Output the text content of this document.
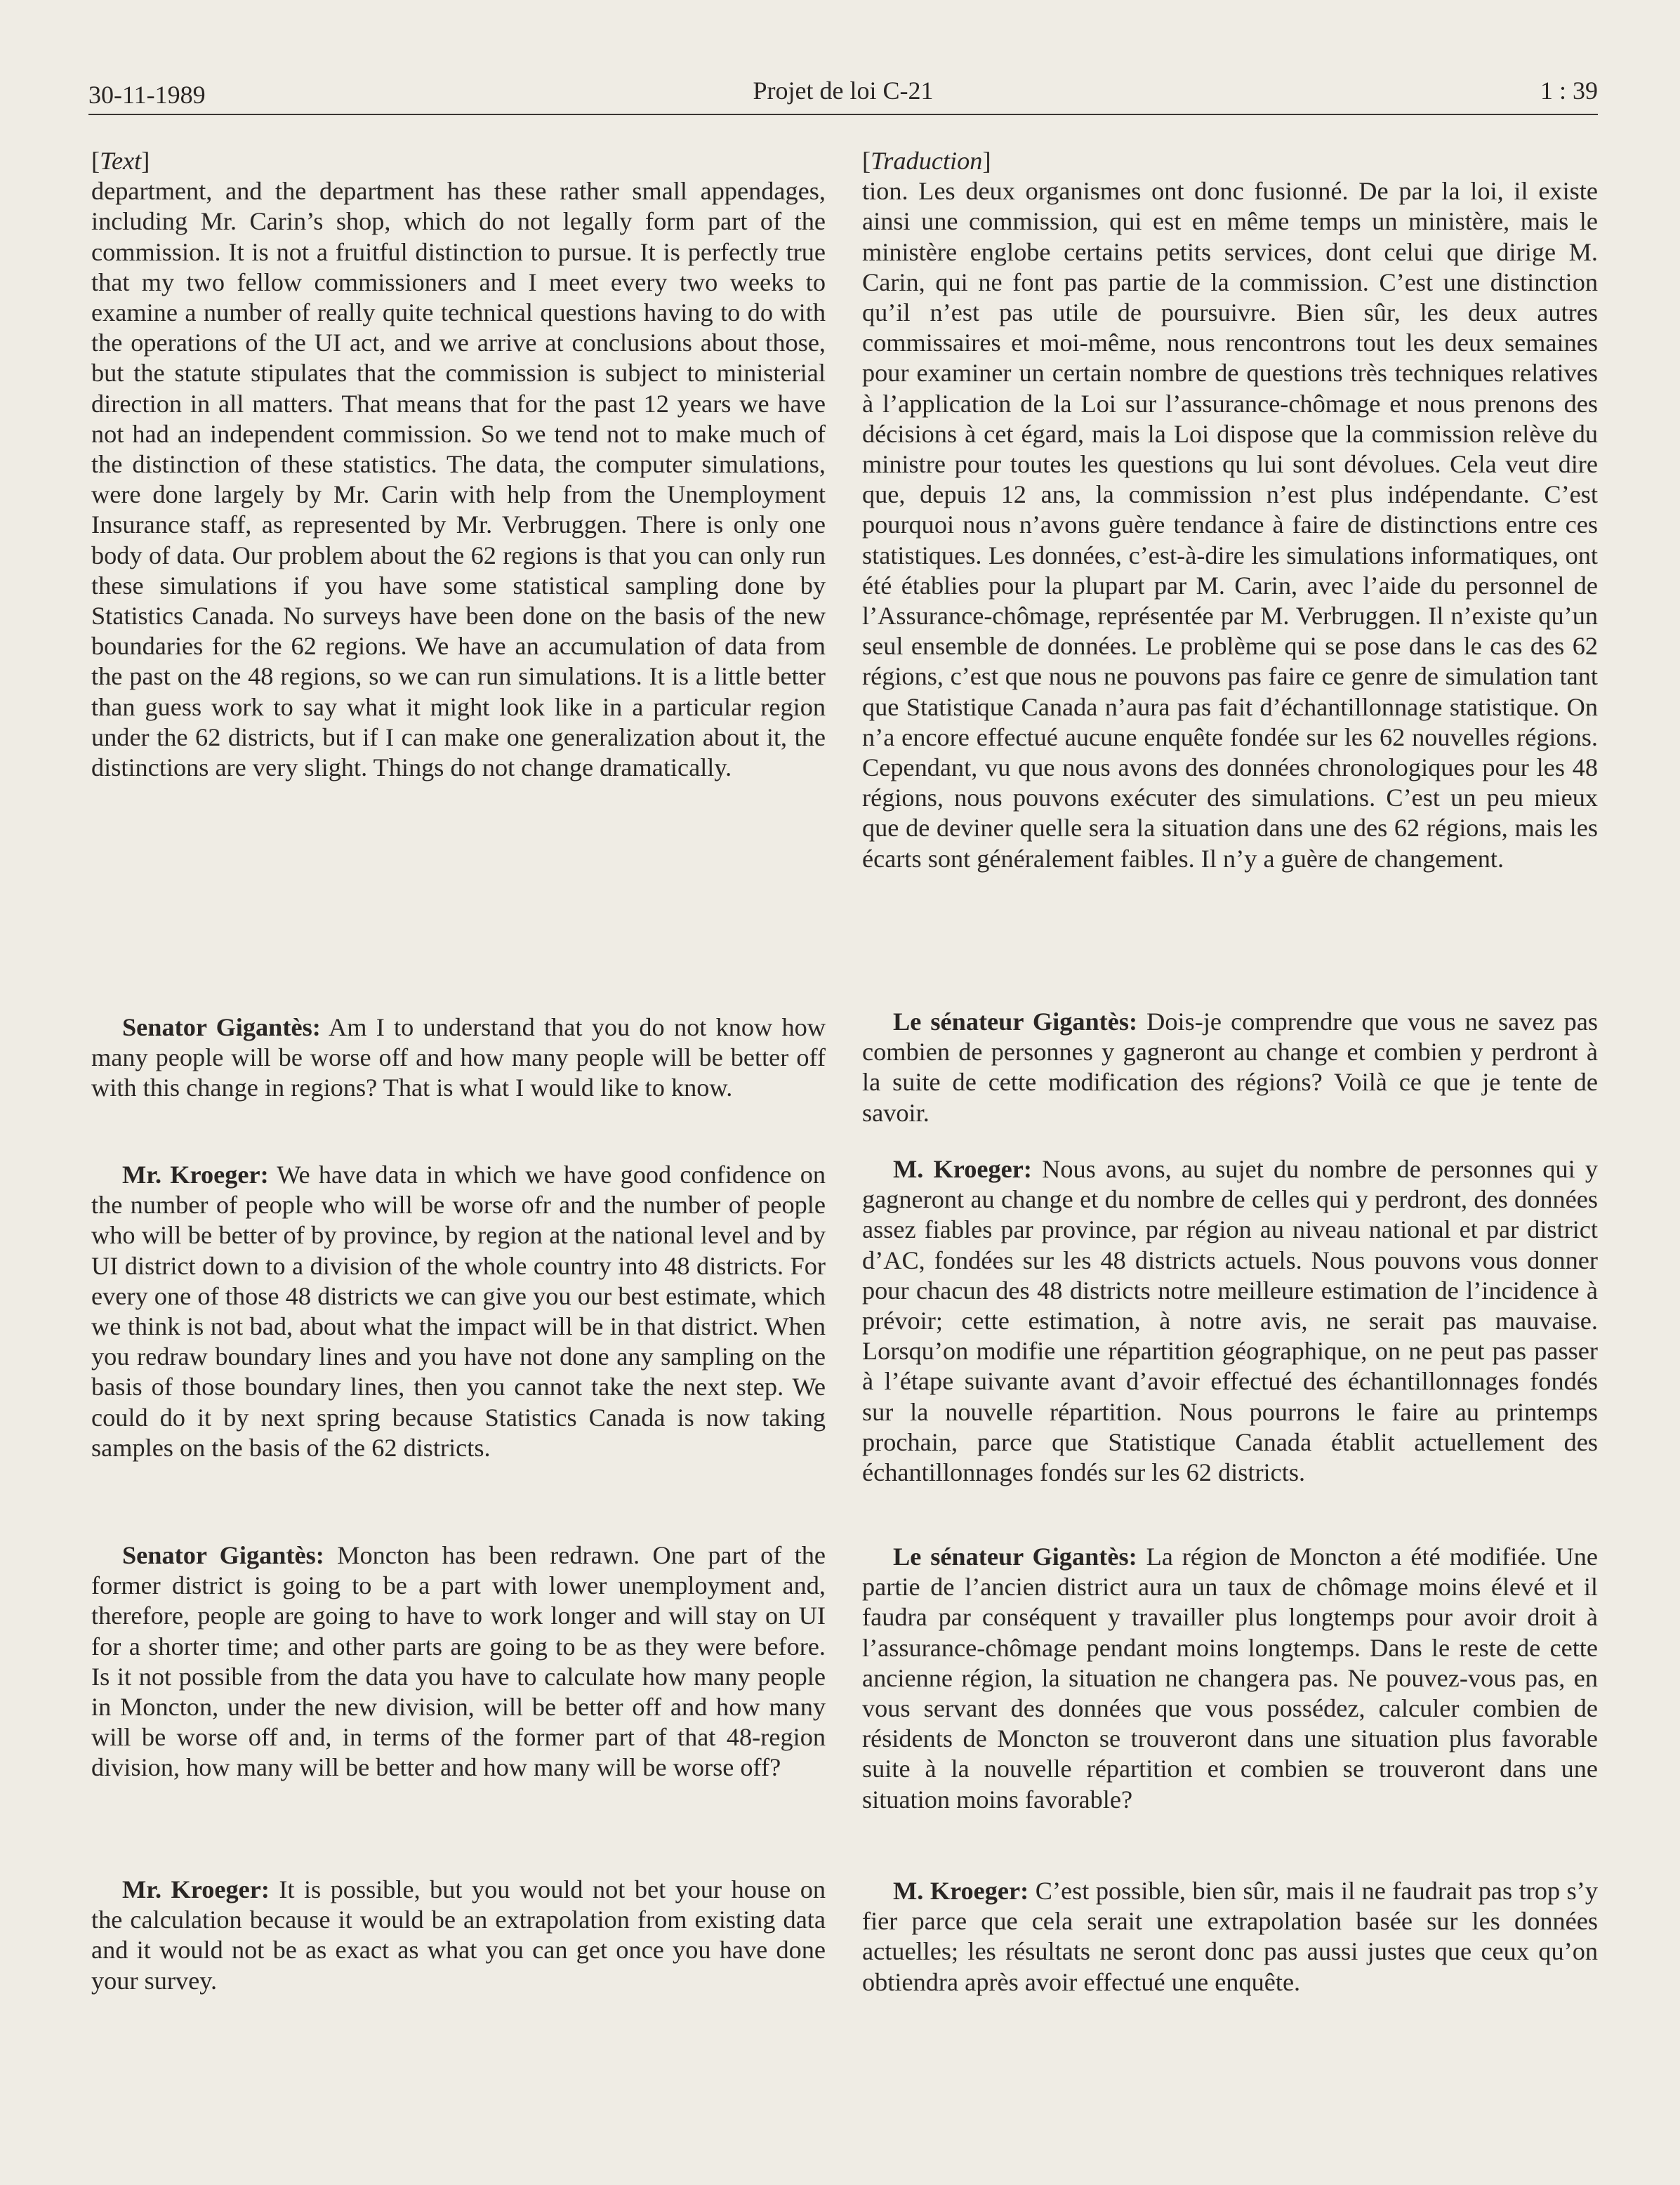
30-11-1989	Projet de loi C-21	1 : 39
[Text]

department, and the department has these rather small appendages, including Mr. Carin’s shop, which do not legally form part of the commission. It is not a fruitful distinction to pursue. It is perfectly true that my two fellow commissioners and I meet every two weeks to examine a number of really quite technical questions having to do with the operations of the UI act, and we arrive at conclusions about those, but the statute stipulates that the commission is subject to ministerial direction in all matters. That means that for the past 12 years we have not had an independent commission. So we tend not to make much of the distinction of these statistics. The data, the computer simulations, were done largely by Mr. Carin with help from the Unemployment Insurance staff, as represented by Mr. Verbruggen. There is only one body of data. Our problem about the 62 regions is that you can only run these simulations if you have some statistical sampling done by Statistics Canada. No surveys have been done on the basis of the new boundaries for the 62 regions. We have an accumulation of data from the past on the 48 regions, so we can run simulations. It is a little better than guess work to say what it might look like in a particular region under the 62 districts, but if I can make one generalization about it, the distinctions are very slight. Things do not change dramatically.

Senator Gigantès: Am I to understand that you do not know how many people will be worse off and how many people will be better off with this change in regions? That is what I would like to know.

Mr. Kroeger: We have data in which we have good confidence on the number of people who will be worse ofr and the number of people who will be better of by province, by region at the national level and by UI district down to a division of the whole country into 48 districts. For every one of those 48 districts we can give you our best estimate, which we think is not bad, about what the impact will be in that district. When you redraw boundary lines and you have not done any sampling on the basis of those boundary lines, then you cannot take the next step. We could do it by next spring because Statistics Canada is now taking samples on the basis of the 62 districts.

Senator Gigantès: Moncton has been redrawn. One part of the former district is going to be a part with lower unemployment and, therefore, people are going to have to work longer and will stay on UI for a shorter time; and other parts are going to be as they were before. Is it not possible from the data you have to calculate how many people in Moncton, under the new division, will be better off and how many will be worse off and, in terms of the former part of that 48-region division, how many will be better and how many will be worse off?

Mr. Kroeger: It is possible, but you would not bet your house on the calculation because it would be an extrapolation from existing data and it would not be as exact as what you can get once you have done your survey.

[Traduction]

tion. Les deux organismes ont donc fusionné. De par la loi, il existe ainsi une commission, qui est en même temps un ministère, mais le ministère englobe certains petits services, dont celui que dirige M. Carin, qui ne font pas partie de la commission. C’est une distinction qu’il n’est pas utile de poursuivre. Bien sûr, les deux autres commissaires et moi-même, nous rencontrons tout les deux semaines pour examiner un certain nombre de questions très techniques relatives à l’application de la Loi sur l’assurance-chômage et nous prenons des décisions à cet égard, mais la Loi dispose que la commission relève du ministre pour toutes les questions qu lui sont dévolues. Cela veut dire que, depuis 12 ans, la commission n’est plus indépendante. C’est pourquoi nous n’avons guère tendance à faire de distinctions entre ces statistiques. Les données, c’est-à-dire les simulations informatiques, ont été établies pour la plupart par M. Carin, avec l’aide du personnel de l’Assurance-chômage, représentée par M. Verbruggen. Il n’existe qu’un seul ensemble de données. Le problème qui se pose dans le cas des 62 régions, c’est que nous ne pouvons pas faire ce genre de simulation tant que Statistique Canada n’aura pas fait d’échantillonnage statistique. On n’a encore effectué aucune enquête fondée sur les 62 nouvelles régions. Cependant, vu que nous avons des données chronologiques pour les 48 régions, nous pouvons exécuter des simulations. C’est un peu mieux que de deviner quelle sera la situation dans une des 62 régions, mais les écarts sont généralement faibles. Il n’y a guère de changement.

Le sénateur Gigantès: Dois-je comprendre que vous ne savez pas combien de personnes y gagneront au change et combien y perdront à la suite de cette modification des régions? Voilà ce que je tente de savoir.

M. Kroeger: Nous avons, au sujet du nombre de personnes qui y gagneront au change et du nombre de celles qui y perdront, des données assez fiables par province, par région au niveau national et par district d’AC, fondées sur les 48 districts actuels. Nous pouvons vous donner pour chacun des 48 districts notre meilleure estimation de l’incidence à prévoir; cette estimation, à notre avis, ne serait pas mauvaise. Lorsqu’on modifie une répartition géographique, on ne peut pas passer à l’étape suivante avant d’avoir effectué des échantillonnages fondés sur la nouvelle répartition. Nous pourrons le faire au printemps prochain, parce que Statistique Canada établit actuellement des échantillonnages fondés sur les 62 districts.

Le sénateur Gigantès: La région de Moncton a été modifiée. Une partie de l’ancien district aura un taux de chômage moins élevé et il faudra par conséquent y travailler plus longtemps pour avoir droit à l’assurance-chômage pendant moins longtemps. Dans le reste de cette ancienne région, la situation ne changera pas. Ne pouvez-vous pas, en vous servant des données que vous possédez, calculer combien de résidents de Moncton se trouveront dans une situation plus favorable suite à la nouvelle répartition et combien se trouveront dans une situation moins favorable?

M. Kroeger: C’est possible, bien sûr, mais il ne faudrait pas trop s’y fier parce que cela serait une extrapolation basée sur les données actuelles; les résultats ne seront donc pas aussi justes que ceux qu’on obtiendra après avoir effectué une enquête.
